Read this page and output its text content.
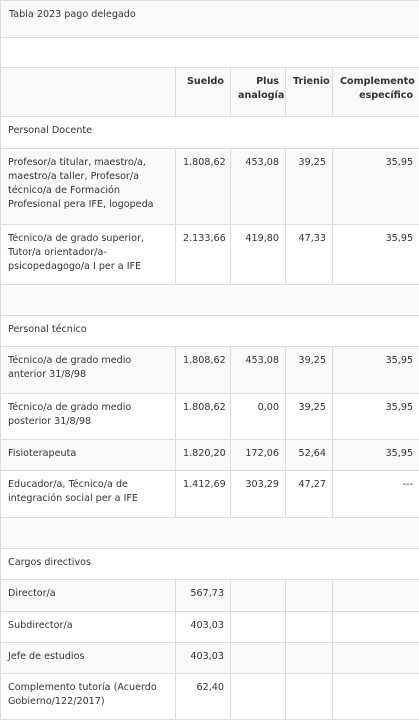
Tabla 2023 pago delegado				

	Sueldo	Plus analogía	Trienio	Complemento específico
Personal Docente				
Profesor/a titular, maestro/a, maestro/a taller, Profesor/a técnico/a de Formación Profesional pera IFE, logopeda	1.808,62	453,08	39,25	35,95
Técnico/a de grado superior, Tutor/a orientador/a-psicopedagogo/a I per a IFE	2.133,66	419,80	47,33	35,95

Personal técnico				
Técnico/a de grado medio anterior 31/8/98	1.808,62	453,08	39,25	35,95
Técnico/a de grado medio posterior 31/8/98	1.808,62	0,00	39,25	35,95
Fisioterapeuta	1.820,20	172,06	52,64	35,95
Educador/a, Técnico/a de integración social per a IFE	1.412,69	303,29	47,27	---

Cargos directivos				
Director/a	567,73			
Subdirector/a	403,03			
Jefe de estudios	403,03			
Complemento tutoría (Acuerdo Gobierno/122/2017)	62,40			
